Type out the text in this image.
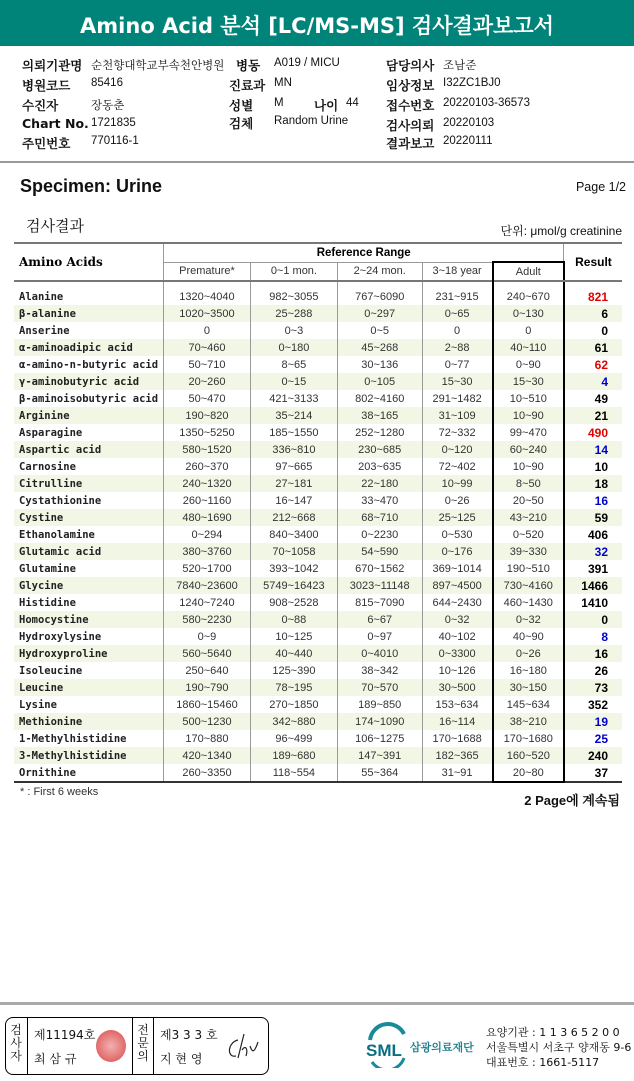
Amino Acid 분석 [LC/MS-MS] 검사결과보고서
의뢰기관명 순천향대학교부속천안병원 병동 A019 / MICU	담당의사 조남준
병원코드 85416	진료과 MN	임상정보 I32ZC1BJ0
수진자	장동춘	성별 M 나이 44 접수번호 20220103-36573
Chart No. 1721835	검체 Random Urine	검사의뢰 20220103
주민번호 770116-1	결과보고 20220111
Specimen: Urine	Page 1/2
검사결과	단위: μmol/g creatinine
Amino Acids	Reference Range					Result
	Premature*	0~1 mon.	2~24 mon.	3~18 year	Adult	
Alanine	1320~4040	982~3055	767~6090	231~915	240~670	821
β-alanine	1020~3500	25~288	0~297	0~65	0~130	6
Anserine	0	0~3	0~5	0	0	0
α-aminoadipic acid	70~460	0~180	45~268	2~88	40~110	61
α-amino-n-butyric acid	50~710	8~65	30~136	0~77	0~90	62
γ-aminobutyric acid	20~260	0~15	0~105	15~30	15~30	4
β-aminoisobutyric acid	50~470	421~3133	802~4160	291~1482	10~510	49
Arginine	190~820	35~214	38~165	31~109	10~90	21
Asparagine	1350~5250	185~1550	252~1280	72~332	99~470	490
Aspartic acid	580~1520	336~810	230~685	0~120	60~240	14
Carnosine	260~370	97~665	203~635	72~402	10~90	10
Citrulline	240~1320	27~181	22~180	10~99	8~50	18
Cystathionine	260~1160	16~147	33~470	0~26	20~50	16
Cystine	480~1690	212~668	68~710	25~125	43~210	59
Ethanolamine	0~294	840~3400	0~2230	0~530	0~520	406
Glutamic acid	380~3760	70~1058	54~590	0~176	39~330	32
Glutamine	520~1700	393~1042	670~1562	369~1014	190~510	391
Glycine	7840~23600	5749~16423	3023~11148	897~4500	730~4160	1466
Histidine	1240~7240	908~2528	815~7090	644~2430	460~1430	1410
Homocystine	580~2230	0~88	6~67	0~32	0~32	0
Hydroxylysine	0~9	10~125	0~97	40~102	40~90	8
Hydroxyproline	560~5640	40~440	0~4010	0~3300	0~26	16
Isoleucine	250~640	125~390	38~342	10~126	16~180	26
Leucine	190~790	78~195	70~570	30~500	30~150	73
Lysine	1860~15460	270~1850	189~850	153~634	145~634	352
Methionine	500~1230	342~880	174~1090	16~114	38~210	19
1-Methylhistidine	170~880	96~499	106~1275	170~1688	170~1680	25
3-Methylhistidine	420~1340	189~680	147~391	182~365	160~520	240
Ornithine	260~3350	118~554	55~364	31~91	20~80	37
* : First 6 weeks
2 Page에 계속됨
검사자
제11194호
최 삼 규
전문의
제3 3 3 호
지 현 영	SML 삼광의료재단
요양기관 : 1 1 3 6 5 2 0 0
서울특별시 서초구 양재동 9-6
대표번호 : 1661-5117
